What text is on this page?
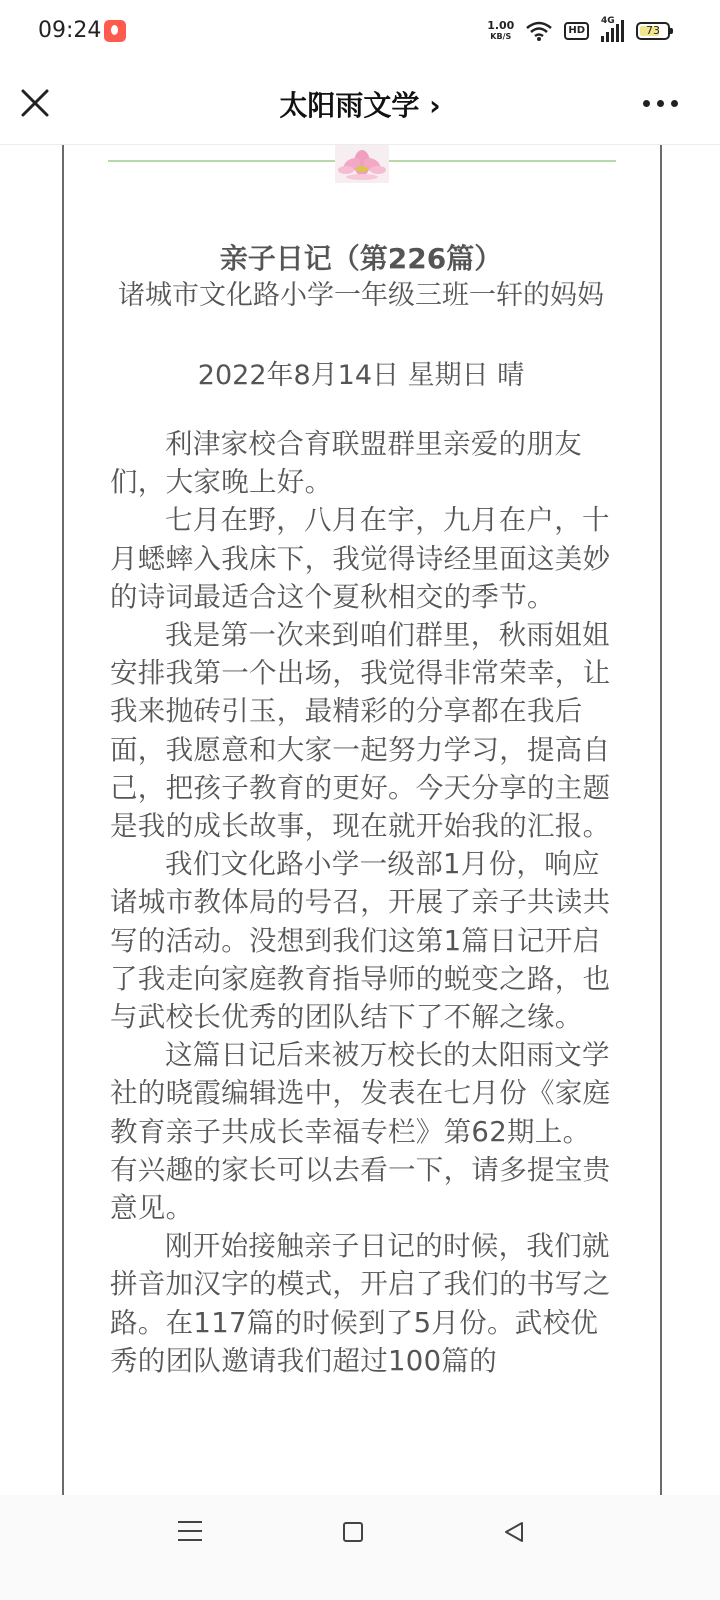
09:24	1.00
KB/S
HD
4G
73
太阳雨文学 ›
亲子日记（第226篇）
诸城市文化路小学一年级三班一轩的妈妈
2022年8月14日 星期日 晴

利津家校合育联盟群里亲爱的朋友们，大家晚上好。

七月在野，八月在宇，九月在户，十月蟋蟀入我床下，我觉得诗经里面这美妙的诗词最适合这个夏秋相交的季节。

我是第一次来到咱们群里，秋雨姐姐安排我第一个出场，我觉得非常荣幸，让我来抛砖引玉，最精彩的分享都在我后面，我愿意和大家一起努力学习，提高自己，把孩子教育的更好。今天分享的主题是我的成长故事，现在就开始我的汇报。

我们文化路小学一级部1月份，响应诸城市教体局的号召，开展了亲子共读共写的活动。没想到我们这第1篇日记开启了我走向家庭教育指导师的蜕变之路，也与武校长优秀的团队结下了不解之缘。

这篇日记后来被万校长的太阳雨文学社的晓霞编辑选中，发表在七月份《家庭教育亲子共成长幸福专栏》第62期上。有兴趣的家长可以去看一下，请多提宝贵意见。

刚开始接触亲子日记的时候，我们就拼音加汉字的模式，开启了我们的书写之路。在117篇的时候到了5月份。武校优秀的团队邀请我们超过100篇的
